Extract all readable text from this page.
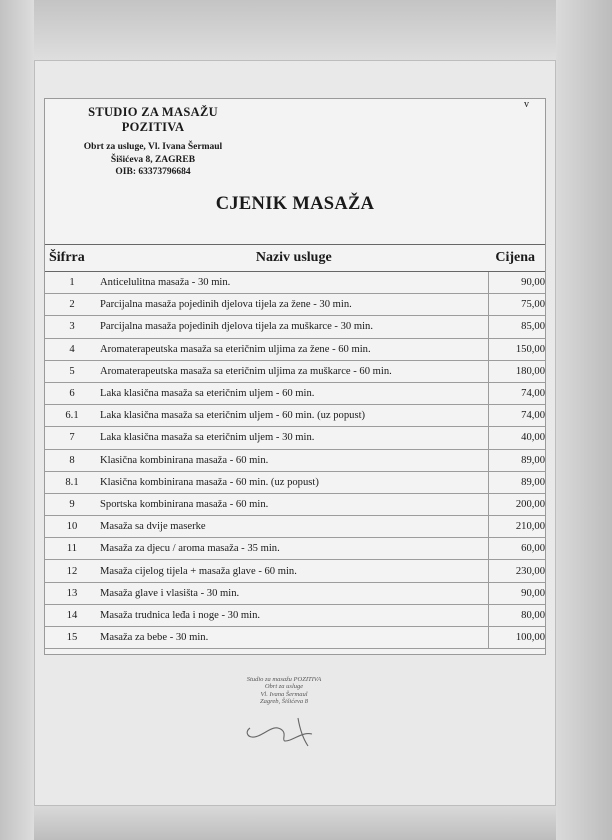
STUDIO ZA MASAŽU
POZITIVA
Obrt za usluge, Vl. Ivana Šermaul
Šišićeva 8, ZAGREB
OIB: 63373796684
v
CJENIK MASAŽA
Šifrra	Naziv usluge	Cijena
1	Anticelulitna masaža - 30 min.	90,00
2	Parcijalna masaža pojedinih djelova tijela za žene - 30 min.	75,00
3	Parcijalna masaža pojedinih djelova tijela za muškarce - 30 min.	85,00
4	Aromaterapeutska masaža sa eteričnim uljima za žene - 60 min.	150,00
5	Aromaterapeutska masaža sa eteričnim uljima za muškarce - 60 min.	180,00
6	Laka klasična masaža sa eteričnim uljem - 60 min.	74,00
6.1	Laka klasična masaža sa eteričnim uljem - 60 min. (uz popust)	74,00
7	Laka klasična masaža sa eteričnim uljem - 30 min.	40,00
8	Klasična kombinirana masaža - 60 min.	89,00
8.1	Klasična kombinirana masaža - 60 min. (uz popust)	89,00
9	Sportska kombinirana masaža - 60 min.	200,00
10	Masaža sa dvije maserke	210,00
11	Masaža za djecu / aroma masaža - 35 min.	60,00
12	Masaža cijelog tijela + masaža glave - 60 min.	230,00
13	Masaža glave i vlasišta - 30 min.	90,00
14	Masaža trudnica leđa i noge - 30 min.	80,00
15	Masaža za bebe - 30 min.	100,00
Studio za masažu POZITIVA
Obrt za usluge
Vl. Ivana Šermaul
Zagreb, Šišićeva 8
